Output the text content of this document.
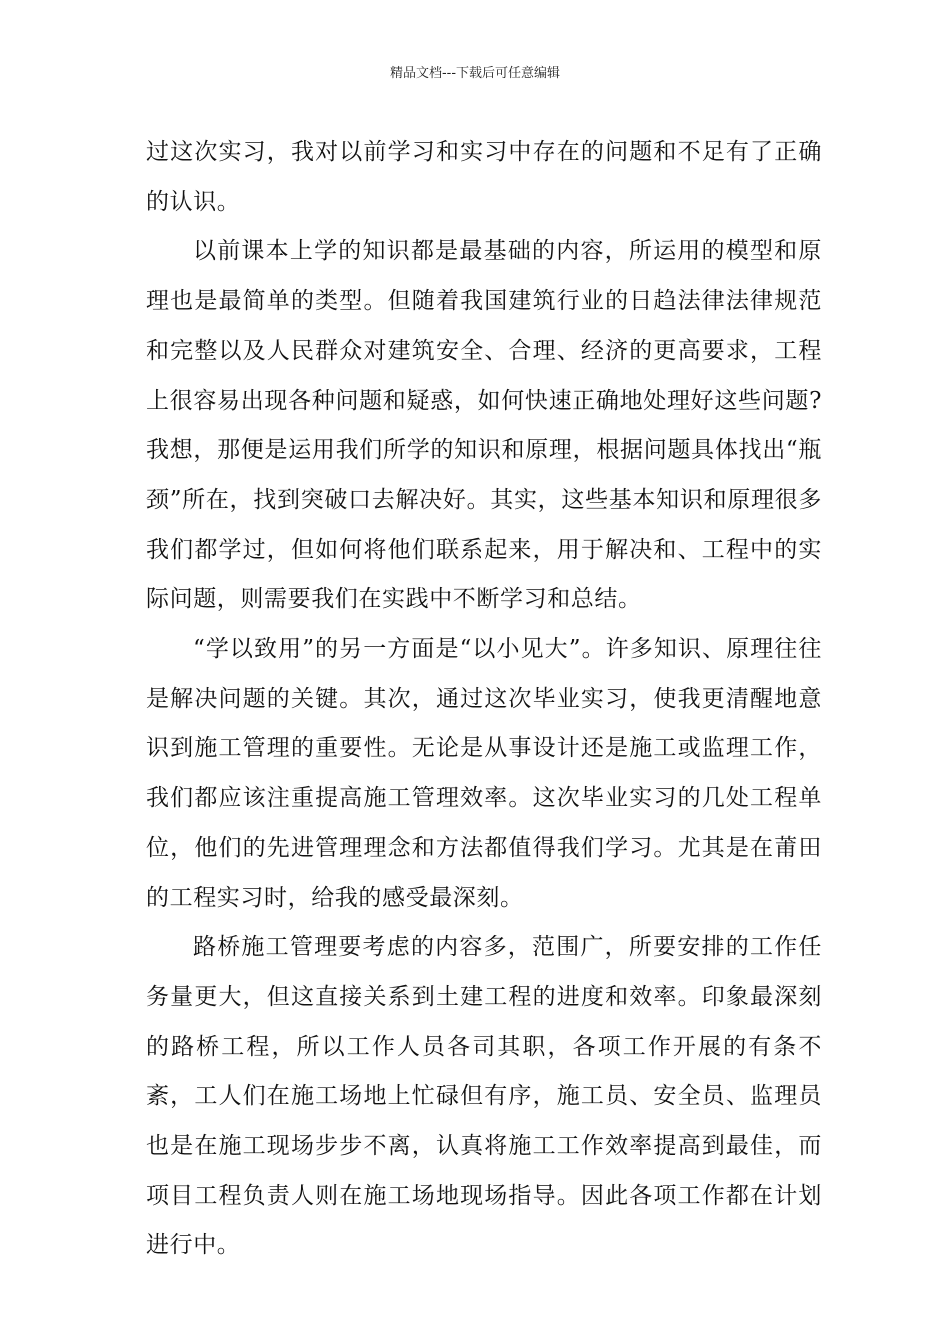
精品文档---下载后可任意编辑

过这次实习，我对以前学习和实习中存在的问题和不足有了正确的认识。

以前课本上学的知识都是最基础的内容，所运用的模型和原理也是最简单的类型。但随着我国建筑行业的日趋法律法律规范和完整以及人民群众对建筑安全、合理、经济的更高要求，工程上很容易出现各种问题和疑惑，如何快速正确地处理好这些问题?我想，那便是运用我们所学的知识和原理，根据问题具体找出“瓶颈”所在，找到突破口去解决好。其实，这些基本知识和原理很多我们都学过，但如何将他们联系起来，用于解决和、工程中的实际问题，则需要我们在实践中不断学习和总结。

“学以致用”的另一方面是“以小见大”。许多知识、原理往往是解决问题的关键。其次，通过这次毕业实习，使我更清醒地意识到施工管理的重要性。无论是从事设计还是施工或监理工作，我们都应该注重提高施工管理效率。这次毕业实习的几处工程单位，他们的先进管理理念和方法都值得我们学习。尤其是在莆田的工程实习时，给我的感受最深刻。

路桥施工管理要考虑的内容多，范围广，所要安排的工作任务量更大，但这直接关系到土建工程的进度和效率。印象最深刻的路桥工程，所以工作人员各司其职，各项工作开展的有条不紊，工人们在施工场地上忙碌但有序，施工员、安全员、监理员也是在施工现场步步不离，认真将施工工作效率提高到最佳，而项目工程负责人则在施工场地现场指导。因此各项工作都在计划进行中。
